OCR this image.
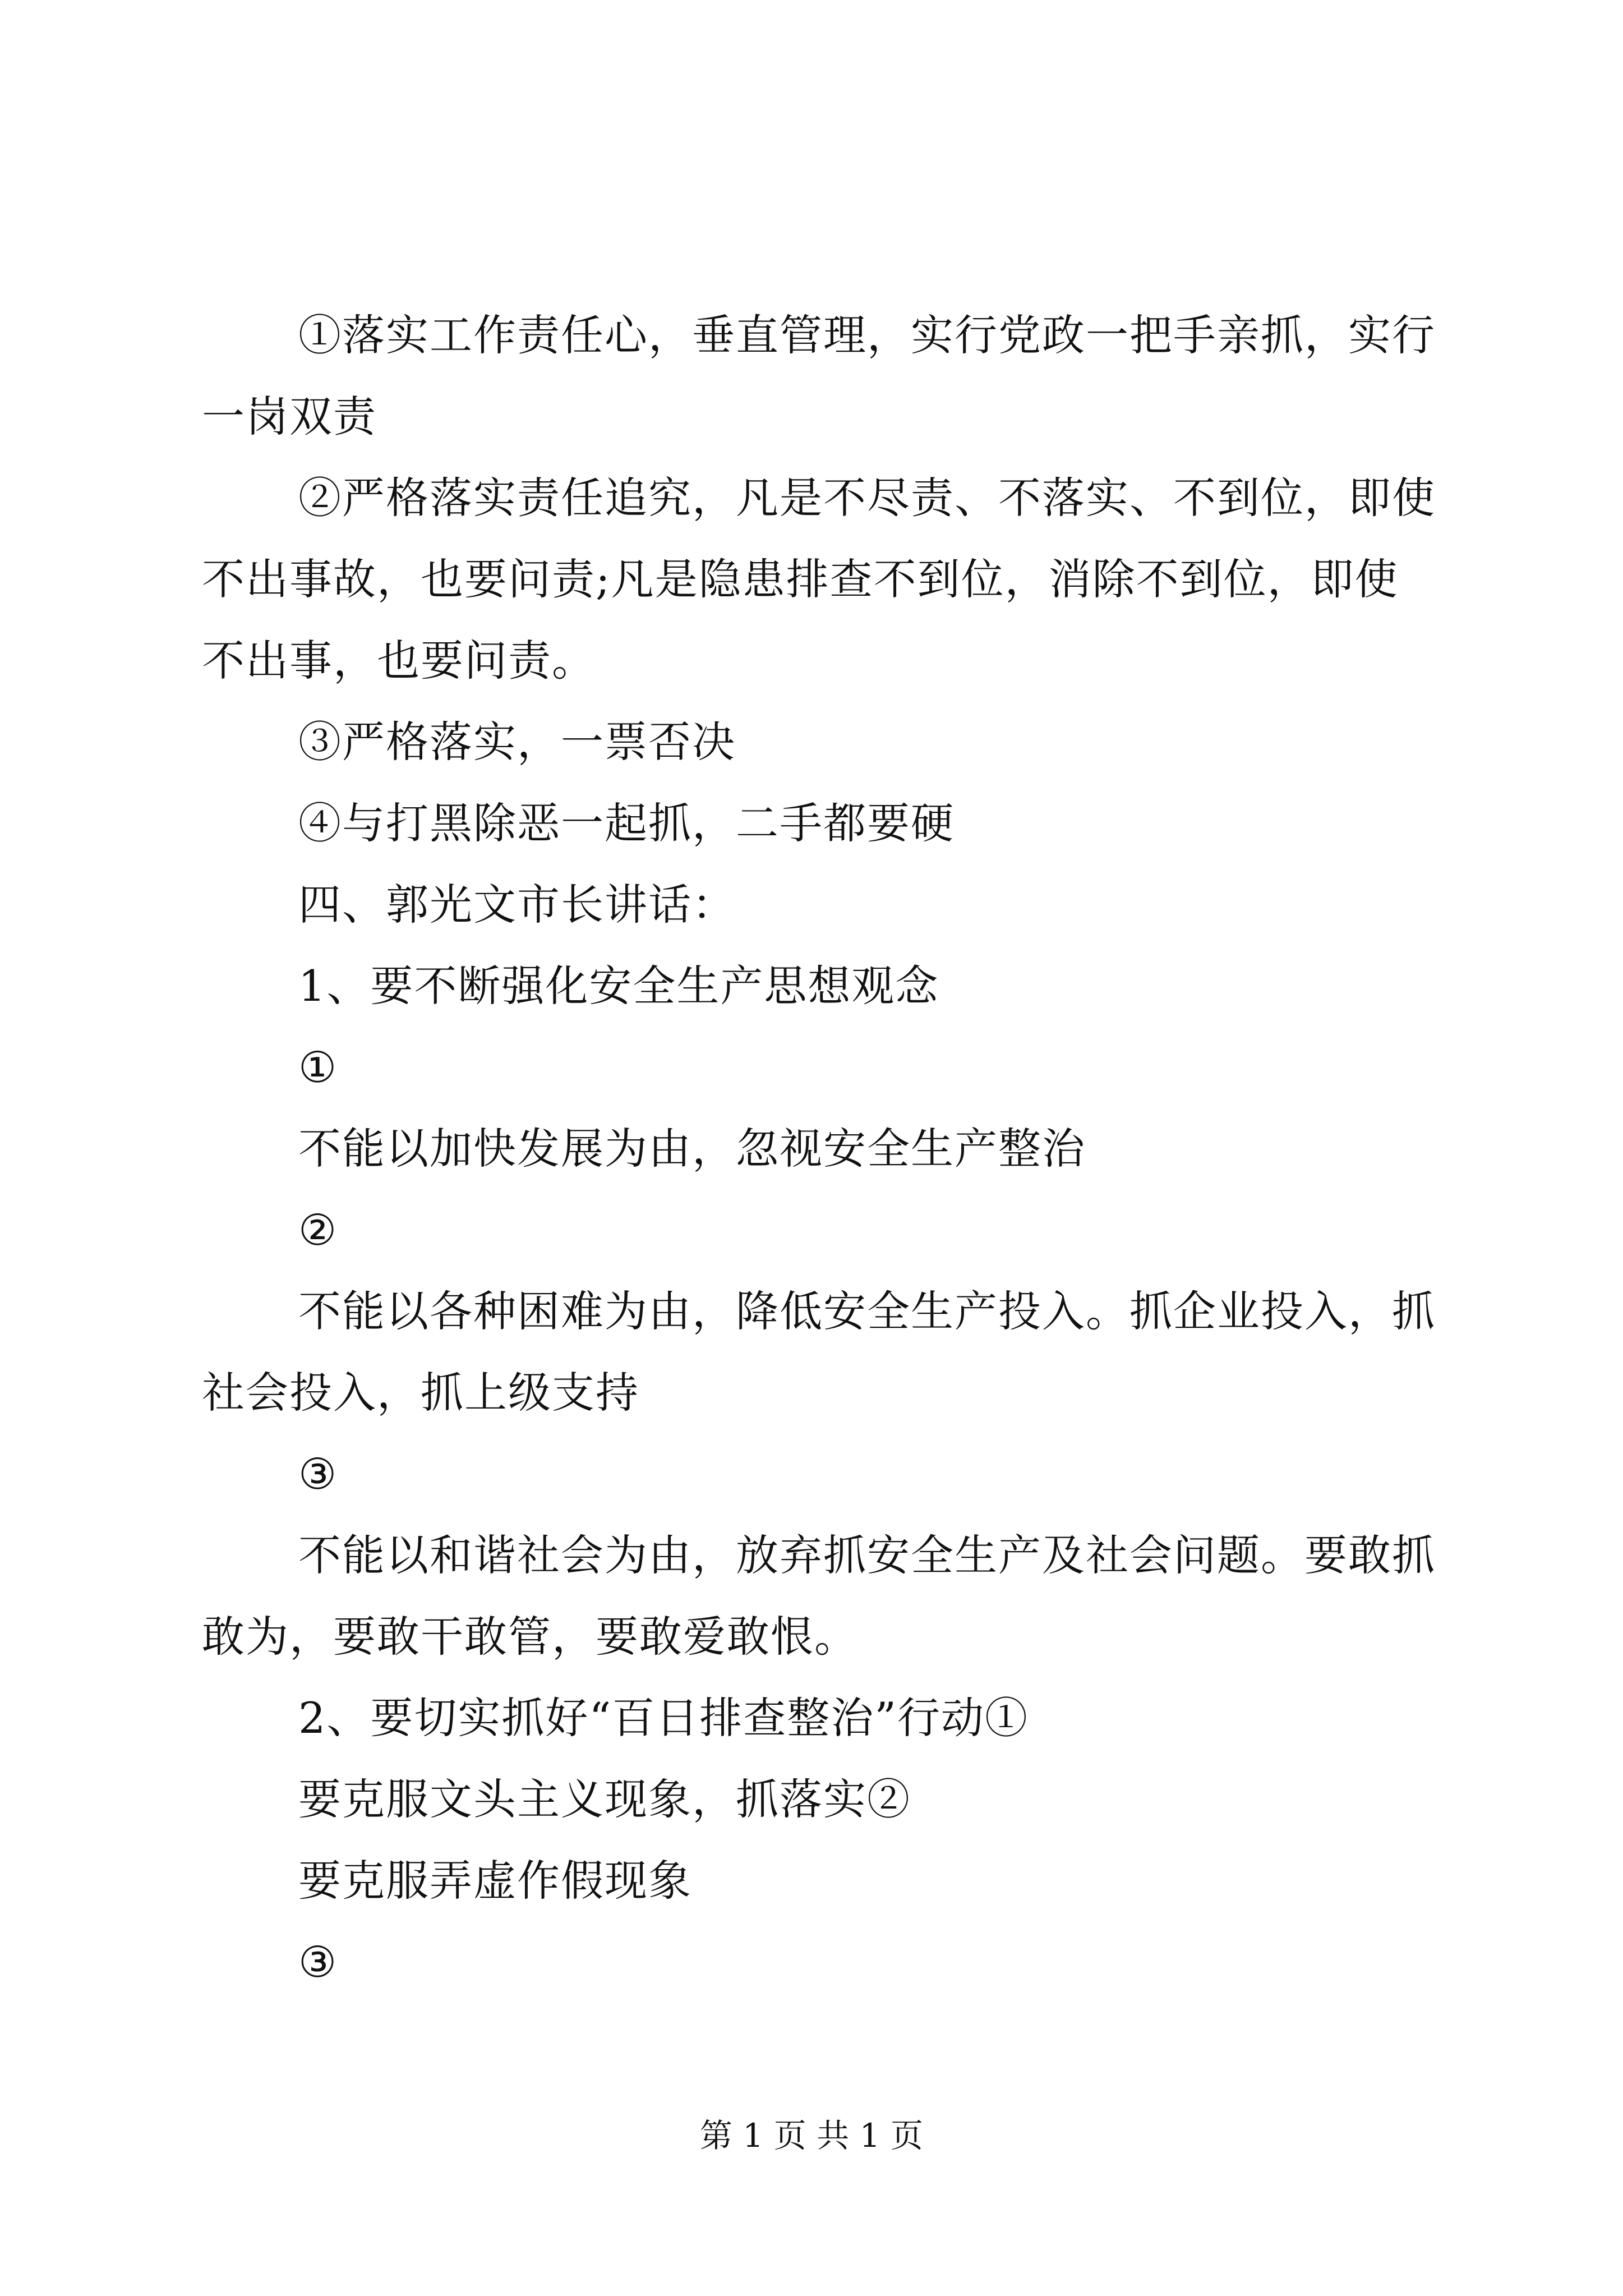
①落实工作责任心，垂直管理，实行党政一把手亲抓，实行
一岗双责
②严格落实责任追究，凡是不尽责、不落实、不到位，即使
不出事故，也要问责;凡是隐患排查不到位，消除不到位，即使
不出事，也要问责。
③严格落实，一票否决
④与打黑除恶一起抓，二手都要硬
四、郭光文市长讲话：
1、要不断强化安全生产思想观念
①
不能以加快发展为由，忽视安全生产整治
②
不能以各种困难为由，降低安全生产投入。抓企业投入，抓
社会投入，抓上级支持
③
不能以和谐社会为由，放弃抓安全生产及社会问题。要敢抓
敢为，要敢干敢管，要敢爱敢恨。
2、要切实抓好“百日排查整治”行动①
要克服文头主义现象，抓落实②
要克服弄虚作假现象
③
第 1 页 共 1 页
